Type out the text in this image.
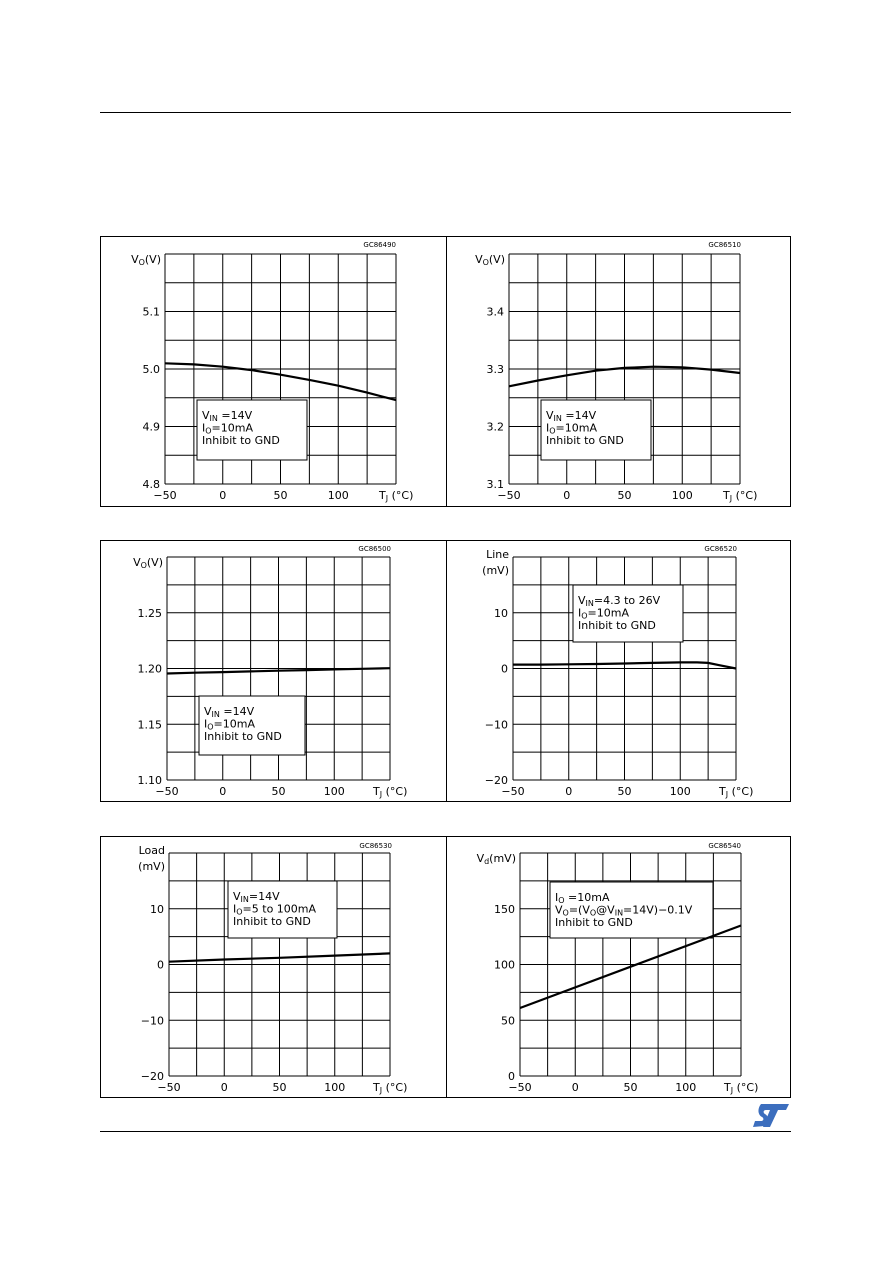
VIN =14V
IO=10mA
Inhibit to GND
4.8
4.9
5.0
5.1
−50	0	50	100
GC86490
VO(V)
TJ (°C)
VIN =14V
IO=10mA
Inhibit to GND
3.1
3.2
3.3
3.4
−50	0	50	100
GC86510
VO(V)
TJ (°C)
VIN =14V
IO=10mA
Inhibit to GND
1.10
1.15
1.20
1.25
−50	0	50	100
GC86500
VO(V)
TJ (°C)
VIN=4.3 to 26V
IO=10mA
Inhibit to GND
−20
−10
0
10
−50	0	50	100
GC86520
Line
(mV)
TJ (°C)
VIN=14V
IO=5 to 100mA
Inhibit to GND
−20
−10
0
10
−50	0	50	100
GC86530
Load
(mV)
TJ (°C)
IO =10mA
VO=(VO@VIN=14V)−0.1V
Inhibit to GND
0
50
100
150
−50	0	50	100
GC86540
Vd(mV)
TJ (°C)
